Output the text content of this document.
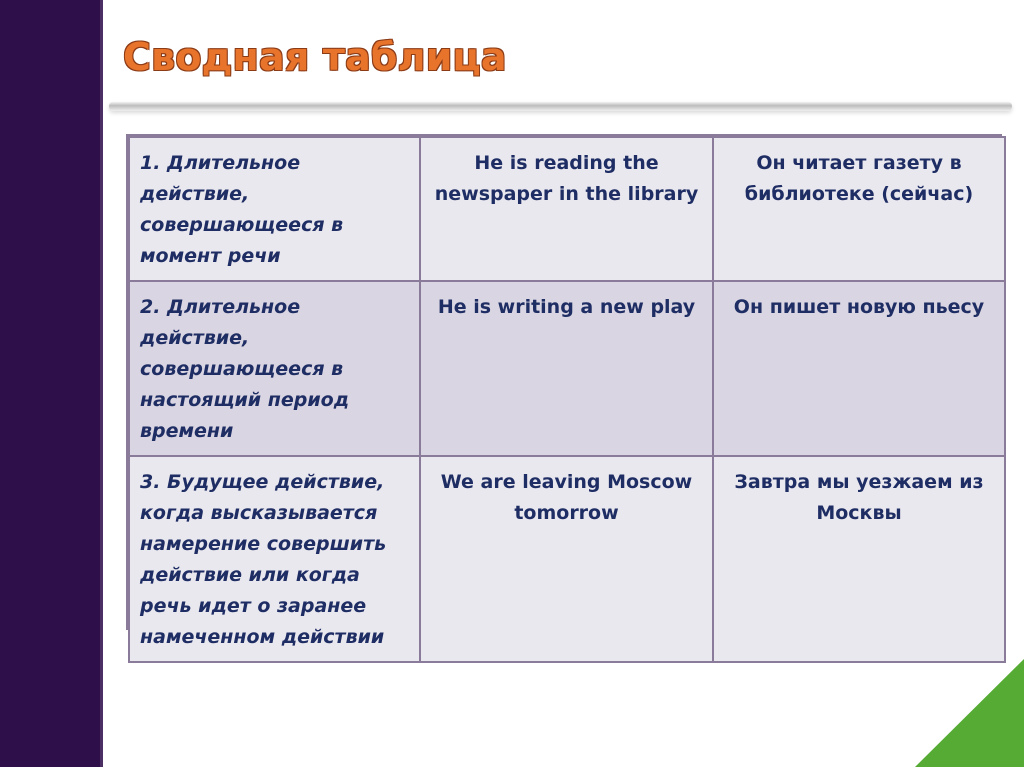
Сводная таблица
1. Длительное действие, совершающееся в момент речи	He is reading the newspaper in the library	Он читает газету в библиотеке (сейчас)
2. Длительное действие, совершающееся в настоящий период времени	He is writing a new play	Он пишет новую пьесу
3. Будущее действие, когда высказывается намерение совершить действие или когда речь идет о заранее намеченном действии	We are leaving Moscow tomorrow	Завтра мы уезжаем из Москвы
